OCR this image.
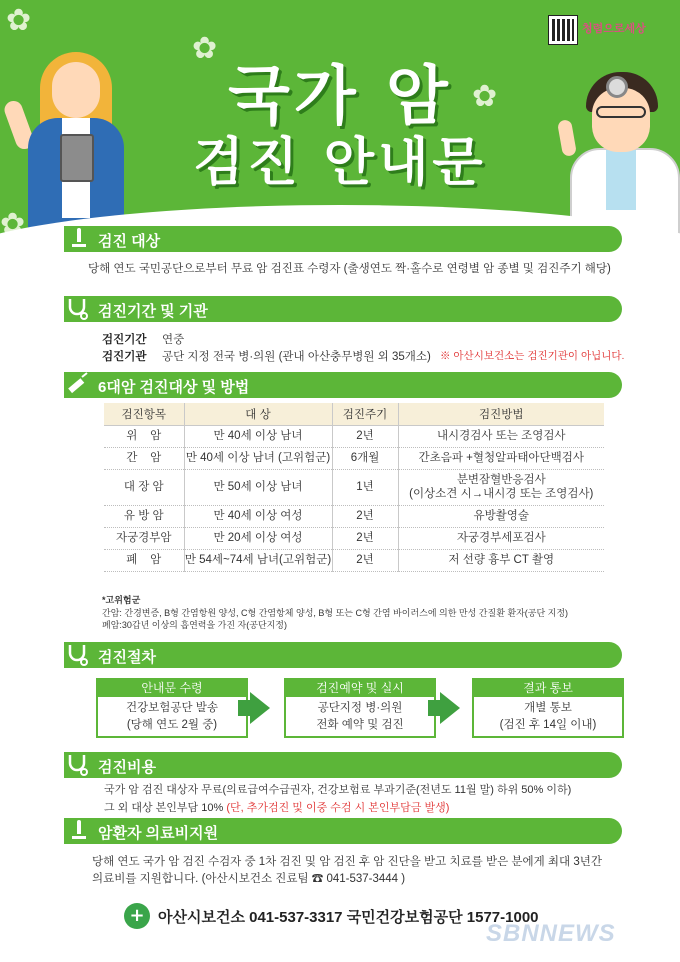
✿
✿
✿
✿
국가 암
검진 안내문
청렴으로세상
검진 대상
당해 연도 국민공단으로부터 무료 암 검진표 수령자 (출생연도 짝·홀수로 연령별 암 종별 및 검진주기 해당)
검진기간 및 기관
검진기간 연중
검진기관 공단 지정 전국 병·의원 (관내 아산충무병원 외 35개소) ※ 아산시보건소는 검진기관이 아닙니다.
6대암 검진대상 및 방법
검진항목	대 상	검진주기	검진방법
위    암	만 40세 이상 남녀	2년	내시경검사 또는 조영검사
간    암	만 40세 이상 남녀 (고위험군)	6개월	간초음파 +혈청알파태아단백검사
대 장 암	만 50세 이상 남녀	1년	분변잠혈반응검사
(이상소견 시→내시경 또는 조영검사)

유 방 암	만 40세 이상 여성	2년	유방촬영술
자궁경부암	만 20세 이상 여성	2년	자궁경부세포검사
폐    암	만 54세~74세 남녀(고위험군)	2년	저 선량 흉부 CT 촬영
*고위험군
간암: 간경변증, B형 간염항원 양성, C형 간염항체 양성, B형 또는 C형 간염 바이러스에 의한 만성 간질환 환자(공단 지정)
폐암:30갑년 이상의 흡연력을 가진 자(공단지정)
검진절차
안내문 수령
건강보험공단 발송
(당해 연도 2월 중)
검진예약 및 실시
공단지정 병·의원
전화 예약 및 검진
결과 통보
개별 통보
(검진 후 14일 이내)
검진비용
국가 암 검진 대상자 무료(의료급여수급권자, 건강보험료 부과기준(전년도 11월 말) 하위 50% 이하)
그 외 대상 본인부담 10% (단, 추가검진 및 이중 수검 시 본인부담금 발생)
암환자 의료비지원
당해 연도 국가 암 검진 수검자 중 1차 검진 및 암 검진 후 암 진단을 받고 치료를 받은 분에게 최대 3년간
의료비를 지원합니다. (아산시보건소 진료팀 ☎ 041-537-3444 )
+ 아산시보건소 041-537-3317 국민건강보험공단 1577-1000
SBNNEWS
